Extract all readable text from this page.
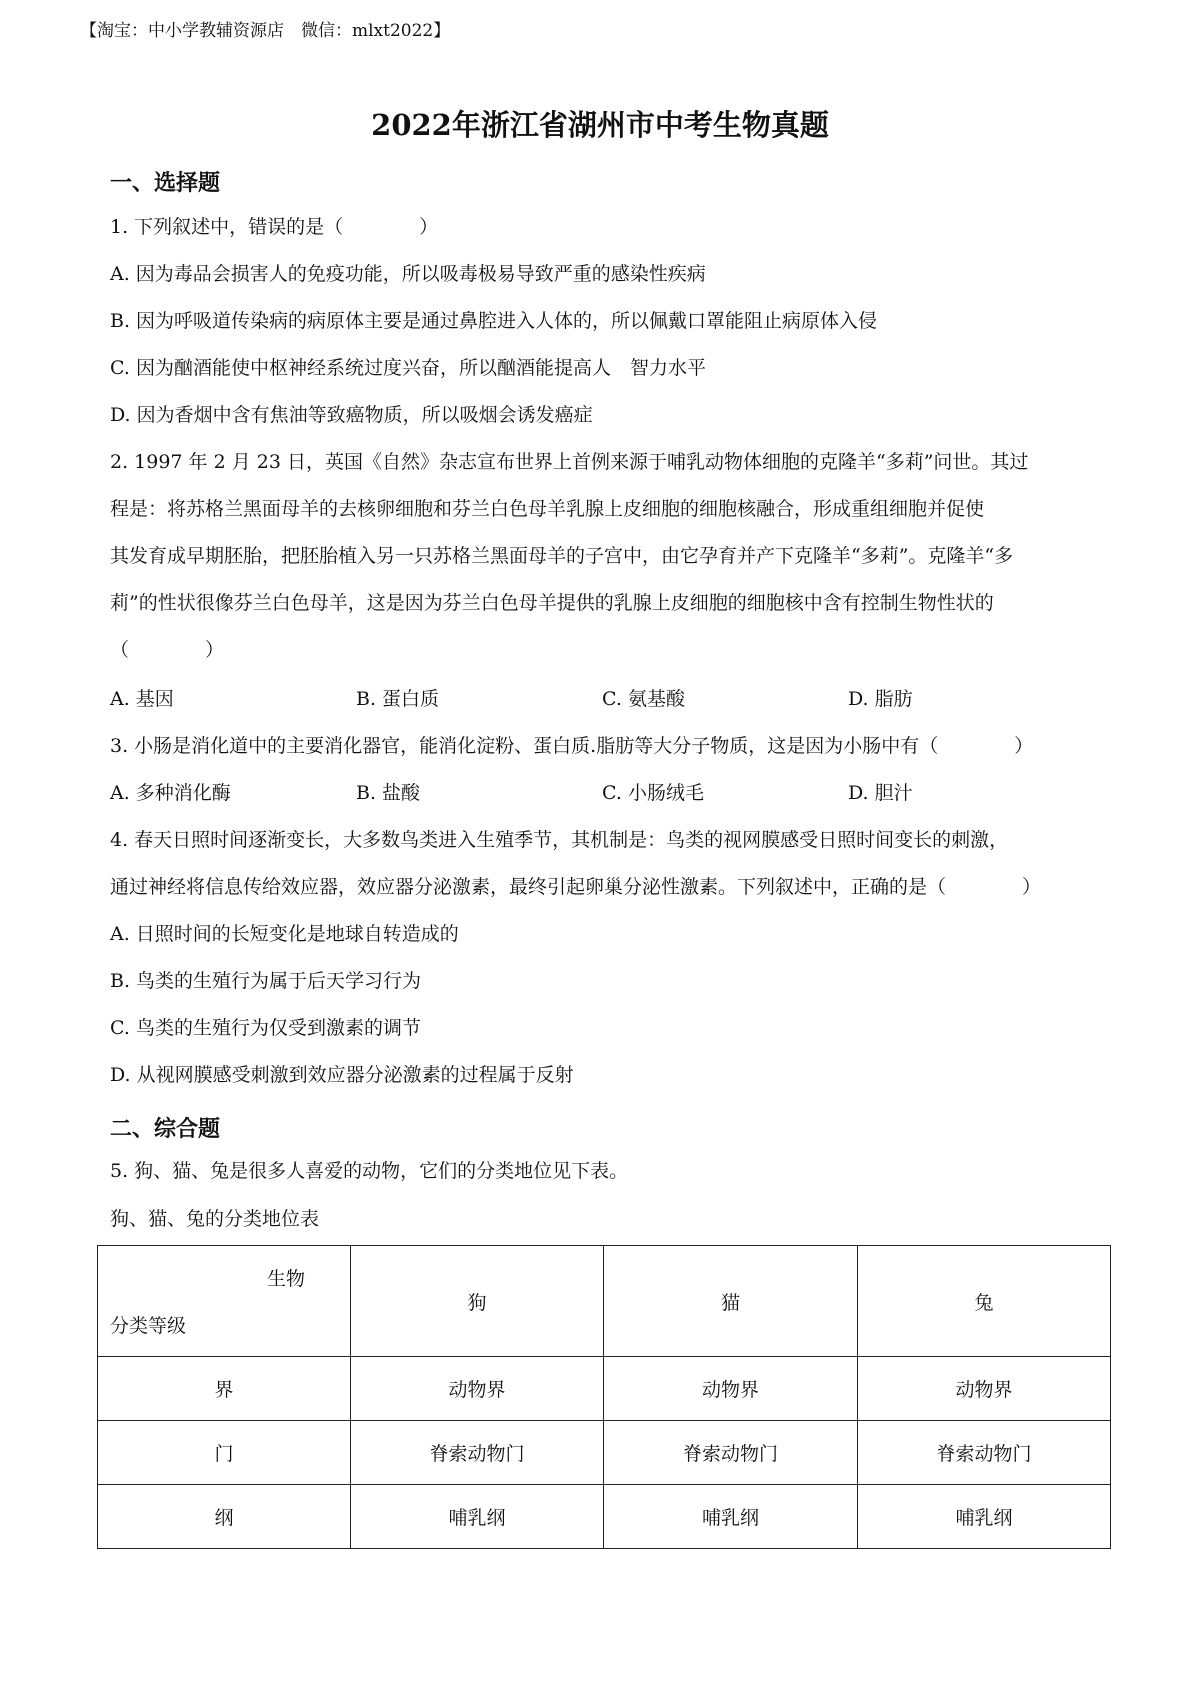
【淘宝：中小学教辅资源店　微信：mlxt2022】
2022年浙江省湖州市中考生物真题
一、选择题
1. 下列叙述中，错误的是（　　　　）
A. 因为毒品会损害人的免疫功能，所以吸毒极易导致严重的感染性疾病
B. 因为呼吸道传染病的病原体主要是通过鼻腔进入人体的，所以佩戴口罩能阻止病原体入侵
C. 因为酗酒能使中枢神经系统过度兴奋，所以酗酒能提高人　智力水平
D. 因为香烟中含有焦油等致癌物质，所以吸烟会诱发癌症
2. 1997 年 2 月 23 日，英国《自然》杂志宣布世界上首例来源于哺乳动物体细胞的克隆羊“多莉”问世。其过
程是：将苏格兰黑面母羊的去核卵细胞和芬兰白色母羊乳腺上皮细胞的细胞核融合，形成重组细胞并促使
其发育成早期胚胎，把胚胎植入另一只苏格兰黑面母羊的子宫中，由它孕育并产下克隆羊“多莉”。克隆羊“多
莉”的性状很像芬兰白色母羊，这是因为芬兰白色母羊提供的乳腺上皮细胞的细胞核中含有控制生物性状的
（　　　　）
A. 基因	B. 蛋白质	C. 氨基酸	D. 脂肪
3. 小肠是消化道中的主要消化器官，能消化淀粉、蛋白质.脂肪等大分子物质，这是因为小肠中有（　　　　）
A. 多种消化酶	B. 盐酸	C. 小肠绒毛	D. 胆汁
4. 春天日照时间逐渐变长，大多数鸟类进入生殖季节，其机制是：鸟类的视网膜感受日照时间变长的刺激，
通过神经将信息传给效应器，效应器分泌激素，最终引起卵巢分泌性激素。下列叙述中，正确的是（　　　　）
A. 日照时间的长短变化是地球自转造成的
B. 鸟类的生殖行为属于后天学习行为
C. 鸟类的生殖行为仅受到激素的调节
D. 从视网膜感受刺激到效应器分泌激素的过程属于反射
二、综合题
5. 狗、猫、兔是很多人喜爱的动物，它们的分类地位见下表。
狗、猫、兔的分类地位表
生物
分类等级	狗	猫	兔
界	动物界	动物界	动物界
门	脊索动物门	脊索动物门	脊索动物门
纲	哺乳纲	哺乳纲	哺乳纲
